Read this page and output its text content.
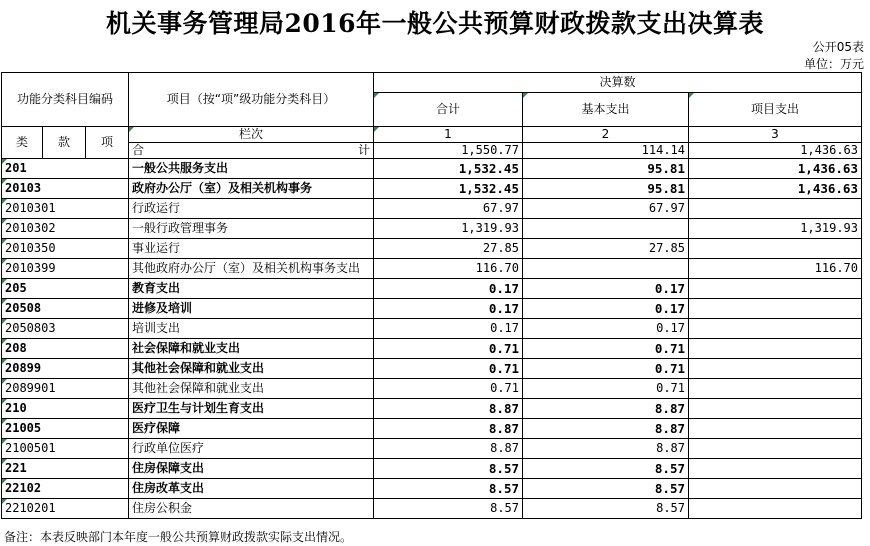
机关事务管理局2016年一般公共预算财政拨款支出决算表
公开05表
单位：万元
功能分类科目编码			项目（按“项”级功能分类科目）	决算数		
				合计	基本支出	项目支出
类	款	项	栏次	1	2	3

			合 计	1,550.77	114.14	1,436.63
201			一般公共服务支出	1,532.45	95.81	1,436.63
20103			政府办公厅（室）及相关机构事务	1,532.45	95.81	1,436.63
2010301			行政运行	67.97	67.97	
2010302			一般行政管理事务	1,319.93		1,319.93
2010350			事业运行	27.85	27.85	
2010399			其他政府办公厅（室）及相关机构事务支出	116.70		116.70
205			教育支出	0.17	0.17	
20508			进修及培训	0.17	0.17	
2050803			培训支出	0.17	0.17	
208			社会保障和就业支出	0.71	0.71	
20899			其他社会保障和就业支出	0.71	0.71	
2089901			其他社会保障和就业支出	0.71	0.71	
210			医疗卫生与计划生育支出	8.87	8.87	
21005			医疗保障	8.87	8.87	
2100501			行政单位医疗	8.87	8.87	
221			住房保障支出	8.57	8.57	
22102			住房改革支出	8.57	8.57	
2210201			住房公积金	8.57	8.57	
备注：本表反映部门本年度一般公共预算财政拨款实际支出情况。
